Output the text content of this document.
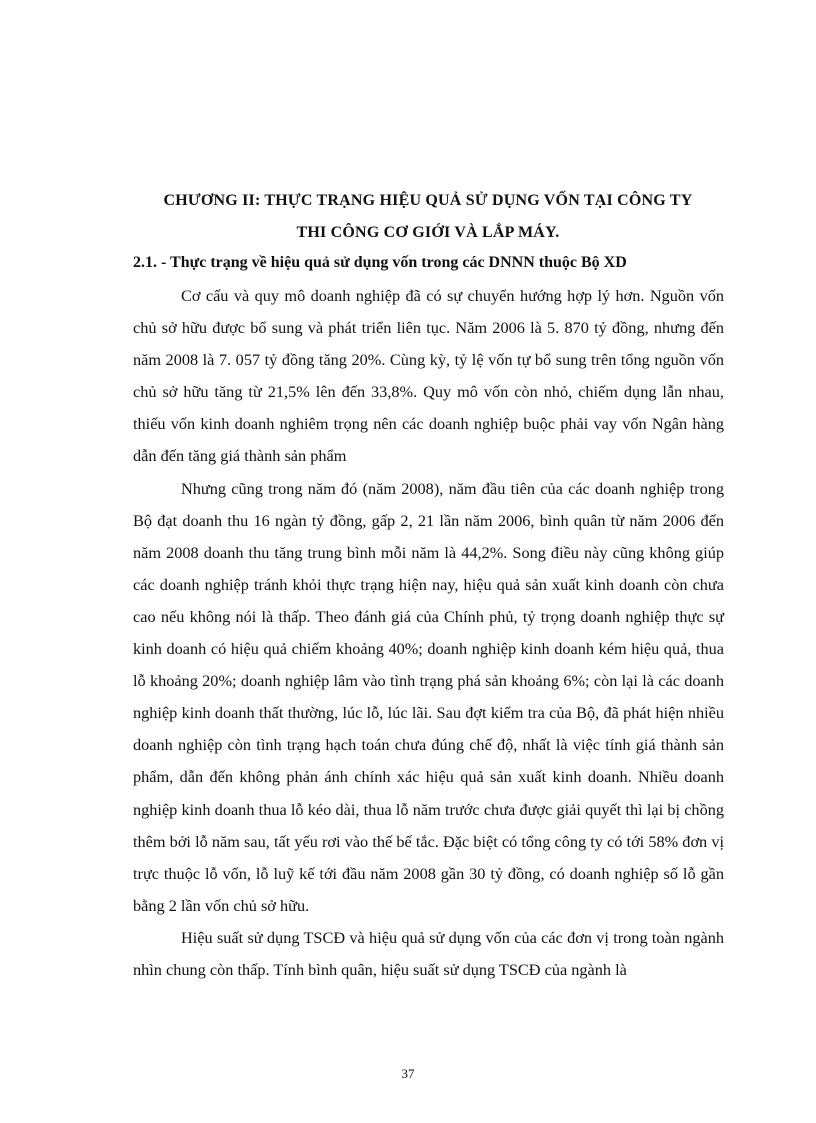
CHƯƠNG II: THỰC TRẠNG HIỆU QUẢ SỬ DỤNG VỐN TẠI CÔNG TY
THI CÔNG CƠ GIỚI VÀ LẮP MÁY.
2.1. - Thực trạng về hiệu quả sử dụng vốn trong các DNNN thuộc Bộ XD

Cơ cấu và quy mô doanh nghiệp đã có sự chuyển hướng hợp lý hơn. Nguồn vốn chủ sở hữu được bổ sung và phát triển liên tục. Năm 2006 là 5. 870 tỷ đồng, nhưng đến năm 2008 là 7. 057 tỷ đồng tăng 20%. Cùng kỳ, tỷ lệ vốn tự bổ sung trên tổng nguồn vốn chủ sở hữu tăng từ 21,5% lên đến 33,8%. Quy mô vốn còn nhỏ, chiếm dụng lẫn nhau, thiếu vốn kinh doanh nghiêm trọng nên các doanh nghiệp buộc phải vay vốn Ngân hàng dẫn đến tăng giá thành sản phẩm

Nhưng cũng trong năm đó (năm 2008), năm đầu tiên của các doanh nghiệp trong Bộ đạt doanh thu 16 ngàn tỷ đồng, gấp 2, 21 lần năm 2006, bình quân từ năm 2006 đến năm 2008 doanh thu tăng trung bình mỗi năm là 44,2%. Song điều này cũng không giúp các doanh nghiệp tránh khỏi thực trạng hiện nay, hiệu quả sản xuất kinh doanh còn chưa cao nếu không nói là thấp. Theo đánh giá của Chính phủ, tỷ trọng doanh nghiệp thực sự kinh doanh có hiệu quả chiếm khoảng 40%; doanh nghiệp kinh doanh kém hiệu quả, thua lỗ khoảng 20%; doanh nghiệp lâm vào tình trạng phá sản khoảng 6%; còn lại là các doanh nghiệp kinh doanh thất thường, lúc lỗ, lúc lãi. Sau đợt kiểm tra của Bộ, đã phát hiện nhiều doanh nghiệp còn tình trạng hạch toán chưa đúng chế độ, nhất là việc tính giá thành sản phẩm, dẫn đến không phản ánh chính xác hiệu quả sản xuất kinh doanh. Nhiều doanh nghiệp kinh doanh thua lỗ kéo dài, thua lỗ năm trước chưa được giải quyết thì lại bị chồng thêm bởi lỗ năm sau, tất yếu rơi vào thế bế tắc. Đặc biệt có tổng công ty có tới 58% đơn vị trực thuộc lỗ vốn, lỗ luỹ kế tới đầu năm 2008 gần 30 tỷ đồng, có doanh nghiệp số lỗ gần bằng 2 lần vốn chủ sở hữu.

Hiệu suất sử dụng TSCĐ và hiệu quả sử dụng vốn của các đơn vị trong toàn ngành nhìn chung còn thấp. Tính bình quân, hiệu suất sử dụng TSCĐ của ngành là

37
